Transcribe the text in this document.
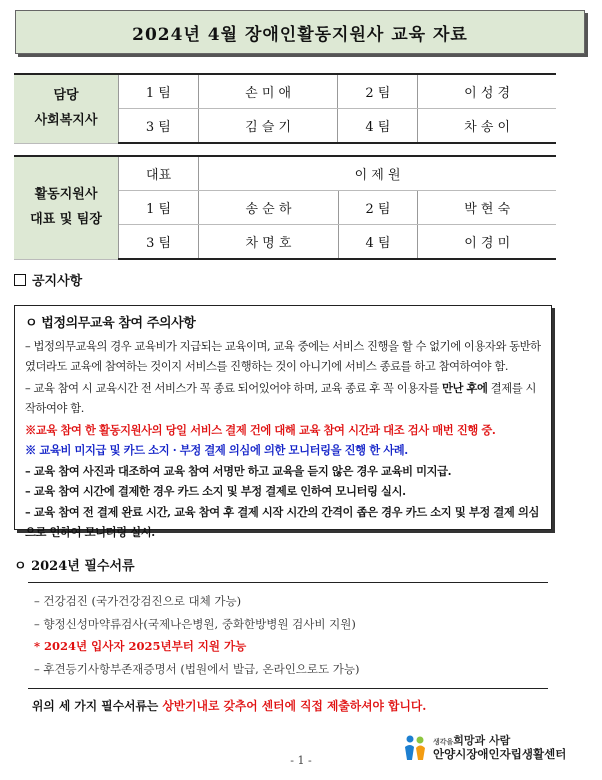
2024년 4월 장애인활동지원사 교육 자료
담당
사회복지사	1 팀	손 미 애	2 팀	이 성 경
	3 팀	김 슬 기	4 팀	차 송 이
활동지원사
대표 및 팀장	대표	이 제 원		
	1 팀	송 순 하	2 팀	박 현 숙
	3 팀	차 명 호	4 팀	이 경 미
공지사항
ㅇ 법정의무교육 참여 주의사항

– 법정의무교육의 경우 교육비가 지급되는 교육이며, 교육 중에는 서비스 진행을 할 수 없기에 이용자와 동반하였더라도 교육에 참여하는 것이지 서비스를 진행하는 것이 아니기에 서비스 종료를 하고 참여하여야 함.

– 교육 참여 시 교육시간 전 서비스가 꼭 종료 되어있어야 하며, 교육 종료 후 꼭 이용자를 만난 후에 결제를 시작하여야 함.

※교육 참여 한 활동지원사의 당일 서비스 결제 건에 대해 교육 참여 시간과 대조 검사 매번 진행 중.

※ 교육비 미지급 및 카드 소지 · 부정 결제 의심에 의한 모니터링을 진행 한 사례.

– 교육 참여 사진과 대조하여 교육 참여 서명만 하고 교육을 듣지 않은 경우 교육비 미지급.

– 교육 참여 시간에 결제한 경우 카드 소지 및 부정 결제로 인하여 모니터링 실시.

– 교육 참여 전 결제 완료 시간, 교육 참여 후 결제 시작 시간의 간격이 좁은 경우 카드 소지 및 부정 결제 의심으로 인하여 모니터링 실시.

ㅇ 2024년 필수서류
– 건강검진 (국가건강검진으로 대체 가능)
– 향정신성마약류검사(국제나은병원, 중화한방병원 검사비 지원)
* 2024년 입사자 2025년부터 지원 가능
– 후견등기사항부존재증명서 (법원에서 발급, 온라인으로도 가능)
위의 세 가지 필수서류는 상반기내로 갖추어 센터에 직접 제출하셔야 합니다.
- 1 -
생각을희망과 사람
안양시장애인자립생활센터
